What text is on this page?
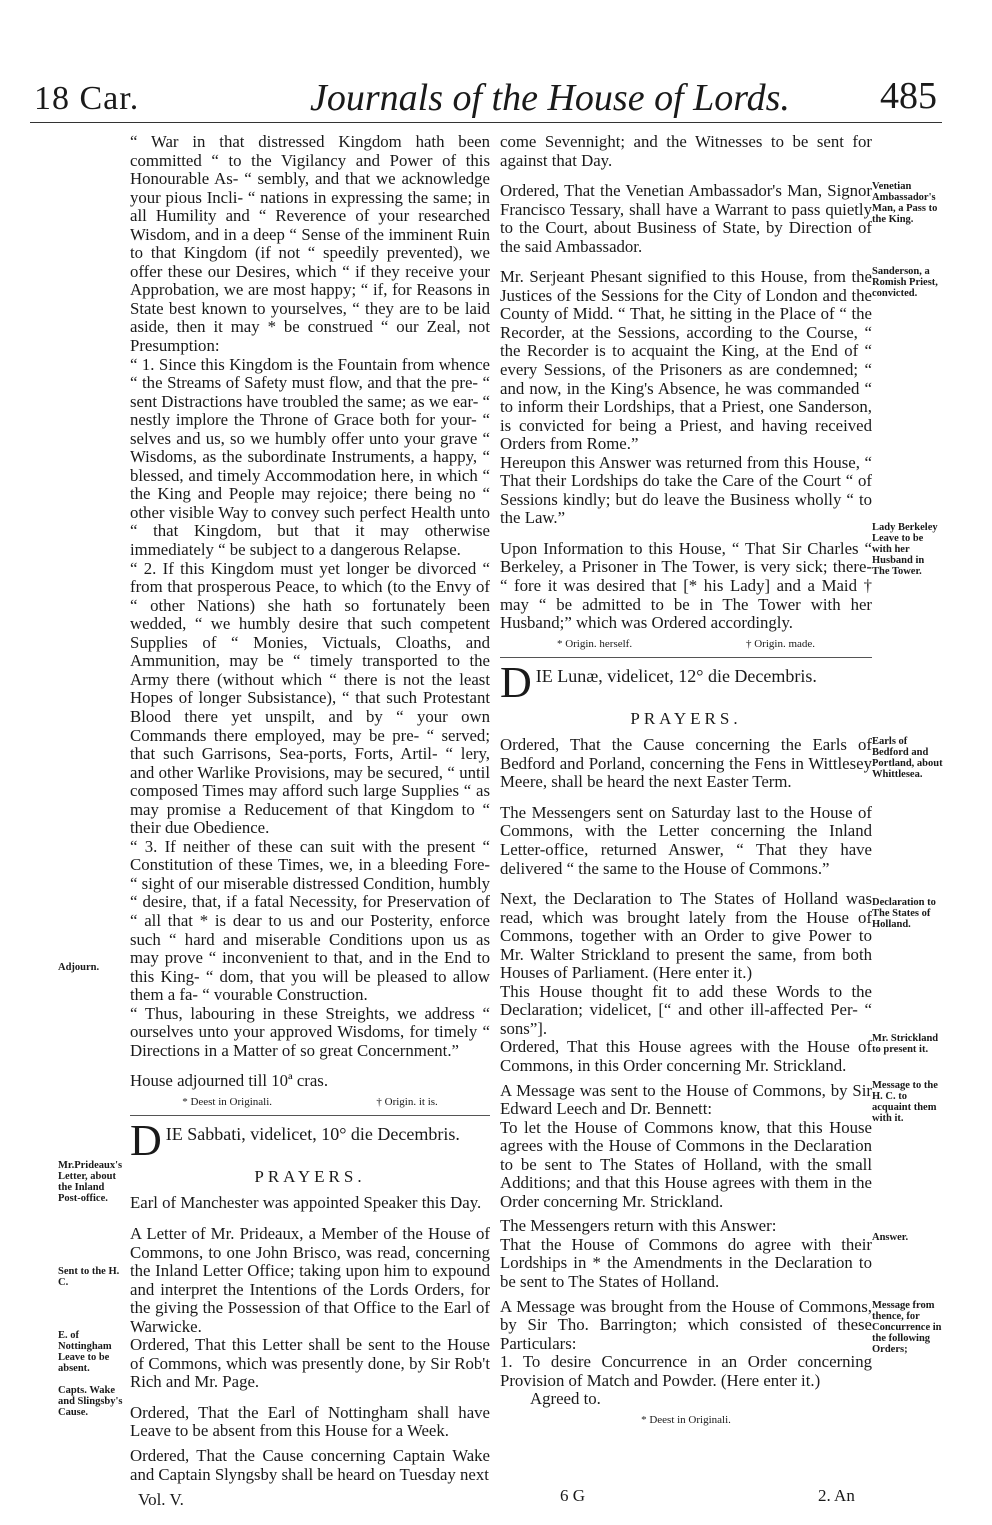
18 Car.	Journals of the House of Lords. 485

“ War in that distressed Kingdom hath been committed “ to the Vigilancy and Power of this Honourable As- “ sembly, and that we acknowledge your pious Incli- “ nations in expressing the same; in all Humility and “ Reverence of your researched Wisdom, and in a deep “ Sense of the imminent Ruin to that Kingdom (if not “ speedily prevented), we offer these our Desires, which “ if they receive your Approbation, we are most happy; “ if, for Reasons in State best known to yourselves, “ they are to be laid aside, then it may * be construed “ our Zeal, not Presumption:

“ 1. Since this Kingdom is the Fountain from whence “ the Streams of Safety must flow, and that the pre- “ sent Distractions have troubled the same; as we ear- “ nestly implore the Throne of Grace both for your- “ selves and us, so we humbly offer unto your grave “ Wisdoms, as the subordinate Instruments, a happy, “ blessed, and timely Accommodation here, in which “ the King and People may rejoice; there being no “ other visible Way to convey such perfect Health unto “ that Kingdom, but that it may otherwise immediately “ be subject to a dangerous Relapse.

“ 2. If this Kingdom must yet longer be divorced “ from that prosperous Peace, to which (to the Envy of “ other Nations) she hath so fortunately been wedded, “ we humbly desire that such competent Supplies of “ Monies, Victuals, Cloaths, and Ammunition, may be “ timely transported to the Army there (without which “ there is not the least Hopes of longer Subsistance), “ that such Protestant Blood there yet unspilt, and by “ your own Commands there employed, may be pre- “ served; that such Garrisons, Sea-ports, Forts, Artil- “ lery, and other Warlike Provisions, may be secured, “ until composed Times may afford such large Supplies “ as may promise a Reducement of that Kingdom to “ their due Obedience.

“ 3. If neither of these can suit with the present “ Constitution of these Times, we, in a bleeding Fore- “ sight of our miserable distressed Condition, humbly “ desire, that, if a fatal Necessity, for Preservation of “ all that * is dear to us and our Posterity, enforce such “ hard and miserable Conditions upon us as may prove “ inconvenient to that, and in the End to this King- “ dom, that you will be pleased to allow them a fa- “ vourable Construction.

“ Thus, labouring in these Streights, we address “ ourselves unto your approved Wisdoms, for timely “ Directions in a Matter of so great Concernment.”

House adjourned till 10ª cras.

* Deest in Originali.	† Origin. it is.
D IE Sabbati, videlicet, 10° die Decembris.
PRAYERS.

Earl of Manchester was appointed Speaker this Day.

A Letter of Mr. Prideaux, a Member of the House of Commons, to one John Brisco, was read, concerning the Inland Letter Office; taking upon him to expound and interpret the Intentions of the Lords Orders, for the giving the Possession of that Office to the Earl of Warwicke.

Ordered, That this Letter shall be sent to the House of Commons, which was presently done, by Sir Rob't Rich and Mr. Page.

Ordered, That the Earl of Nottingham shall have Leave to be absent from this House for a Week.

Ordered, That the Cause concerning Captain Wake and Captain Slyngsby shall be heard on Tuesday next

come Sevennight; and the Witnesses to be sent for against that Day.

Ordered, That the Venetian Ambassador's Man, Signor Francisco Tessary, shall have a Warrant to pass quietly to the Court, about Business of State, by Direction of the said Ambassador.

Mr. Serjeant Phesant signified to this House, from the Justices of the Sessions for the City of London and the County of Midd. “ That, he sitting in the Place of “ the Recorder, at the Sessions, according to the Course, “ the Recorder is to acquaint the King, at the End of “ every Sessions, of the Prisoners as are condemned; “ and now, in the King's Absence, he was commanded “ to inform their Lordships, that a Priest, one Sanderson, is convicted for being a Priest, and having received Orders from Rome.”

Hereupon this Answer was returned from this House, “ That their Lordships do take the Care of the Court “ of Sessions kindly; but do leave the Business wholly “ to the Law.”

Upon Information to this House, “ That Sir Charles “ Berkeley, a Prisoner in The Tower, is very sick; there- “ fore it was desired that [* his Lady] and a Maid † may “ be admitted to be in The Tower with her Husband;” which was Ordered accordingly.

* Origin. herself.	† Origin. made.
D IE Lunæ, videlicet, 12° die Decembris.
PRAYERS.

Ordered, That the Cause concerning the Earls of Bedford and Porland, concerning the Fens in Wittlesey Meere, shall be heard the next Easter Term.

The Messengers sent on Saturday last to the House of Commons, with the Letter concerning the Inland Letter-office, returned Answer, “ That they have delivered “ the same to the House of Commons.”

Next, the Declaration to The States of Holland was read, which was brought lately from the House of Commons, together with an Order to give Power to Mr. Walter Strickland to present the same, from both Houses of Parliament. (Here enter it.)

This House thought fit to add these Words to the Declaration; videlicet, [“ and other ill-affected Per- “ sons”].

Ordered, That this House agrees with the House of Commons, in this Order concerning Mr. Strickland.

A Message was sent to the House of Commons, by Sir Edward Leech and Dr. Bennett:

To let the House of Commons know, that this House agrees with the House of Commons in the Declaration to be sent to The States of Holland, with the small Additions; and that this House agrees with them in the Order concerning Mr. Strickland.

The Messengers return with this Answer:

That the House of Commons do agree with their Lordships in * the Amendments in the Declaration to be sent to The States of Holland.

A Message was brought from the House of Commons, by Sir Tho. Barrington; which consisted of these Particulars:

1. To desire Concurrence in an Order concerning Provision of Match and Powder. (Here enter it.)

Agreed to.

* Deest in Originali.
Adjourn.
Mr.Prideaux's Letter, about the Inland Post-office.
Sent to the H. C.
E. of Nottingham Leave to be absent.
Capts. Wake and Slingsby's Cause.
Venetian Ambassador's Man, a Pass to the King.
Sanderson, a Romish Priest, convicted.
Lady Berkeley Leave to be with her Husband in The Tower.
Earls of Bedford and Portland, about Whittlesea.
Declaration to The States of Holland.
Mr. Strickland to present it.
Message to the H. C. to acquaint them with it.
Answer.
Message from thence, for Concurrence in the following Orders;
Vol. V.	6 G	2. An
